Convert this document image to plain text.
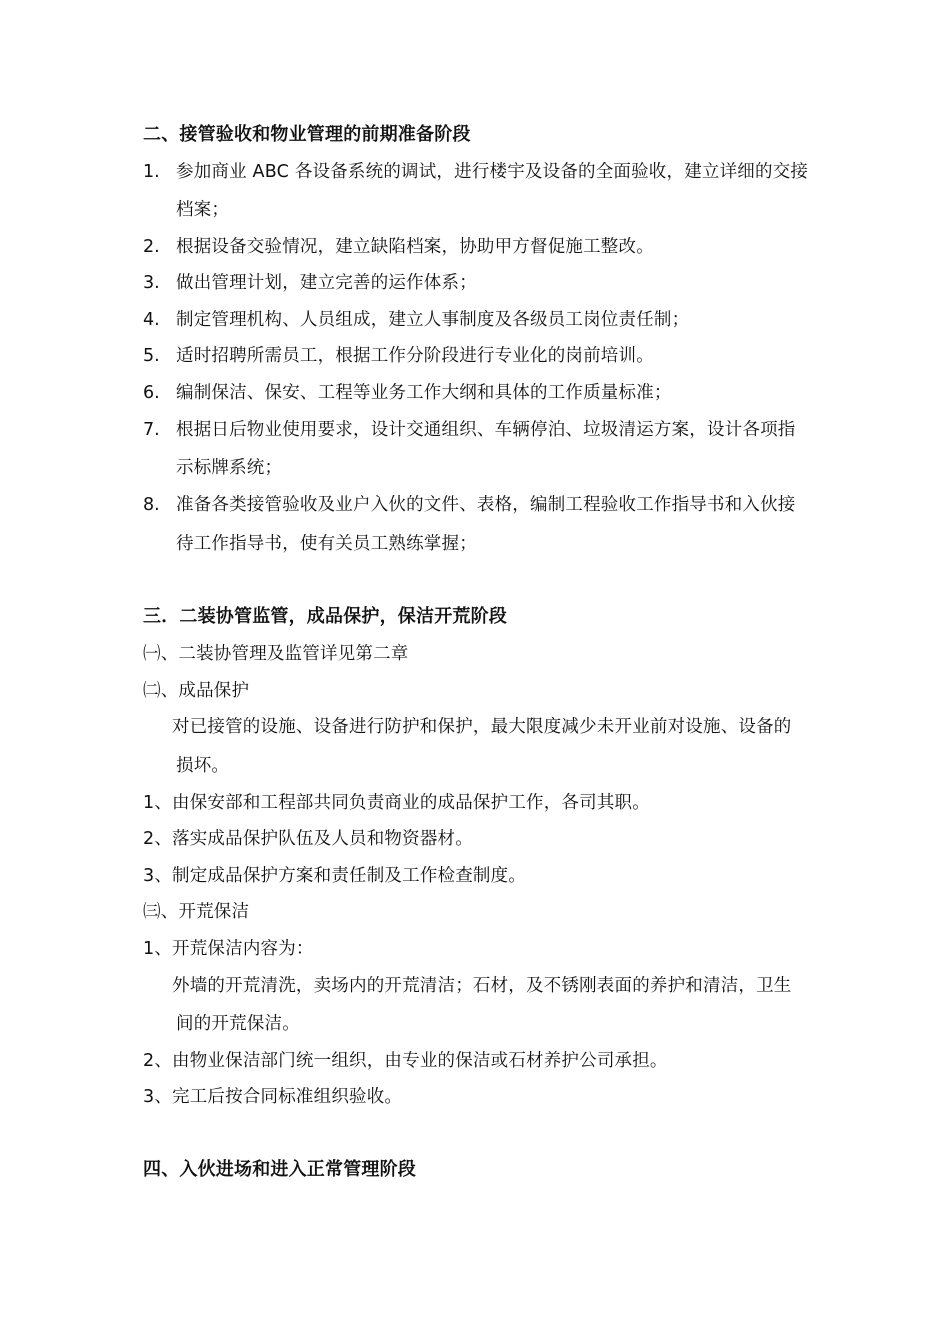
二、接管验收和物业管理的前期准备阶段
1. 参加商业 ABC 各设备系统的调试，进行楼宇及设备的全面验收，建立详细的交接
档案；
2. 根据设备交验情况，建立缺陷档案，协助甲方督促施工整改。
3. 做出管理计划，建立完善的运作体系；
4. 制定管理机构、人员组成，建立人事制度及各级员工岗位责任制；
5. 适时招聘所需员工，根据工作分阶段进行专业化的岗前培训。
6. 编制保洁、保安、工程等业务工作大纲和具体的工作质量标准；
7. 根据日后物业使用要求，设计交通组织、车辆停泊、垃圾清运方案，设计各项指
示标牌系统；
8. 准备各类接管验收及业户入伙的文件、表格，编制工程验收工作指导书和入伙接
待工作指导书，使有关员工熟练掌握；
三．二装协管监管，成品保护，保洁开荒阶段
㈠、二装协管理及监管详见第二章
㈡、成品保护
对已接管的设施、设备进行防护和保护，最大限度减少未开业前对设施、设备的
损坏。
1、由保安部和工程部共同负责商业的成品保护工作，各司其职。
2、落实成品保护队伍及人员和物资器材。
3、制定成品保护方案和责任制及工作检查制度。
㈢、开荒保洁
1、开荒保洁内容为：
外墙的开荒清洗，卖场内的开荒清洁；石材，及不锈刚表面的养护和清洁，卫生
间的开荒保洁。
2、由物业保洁部门统一组织，由专业的保洁或石材养护公司承担。
3、完工后按合同标准组织验收。
四、入伙进场和进入正常管理阶段
